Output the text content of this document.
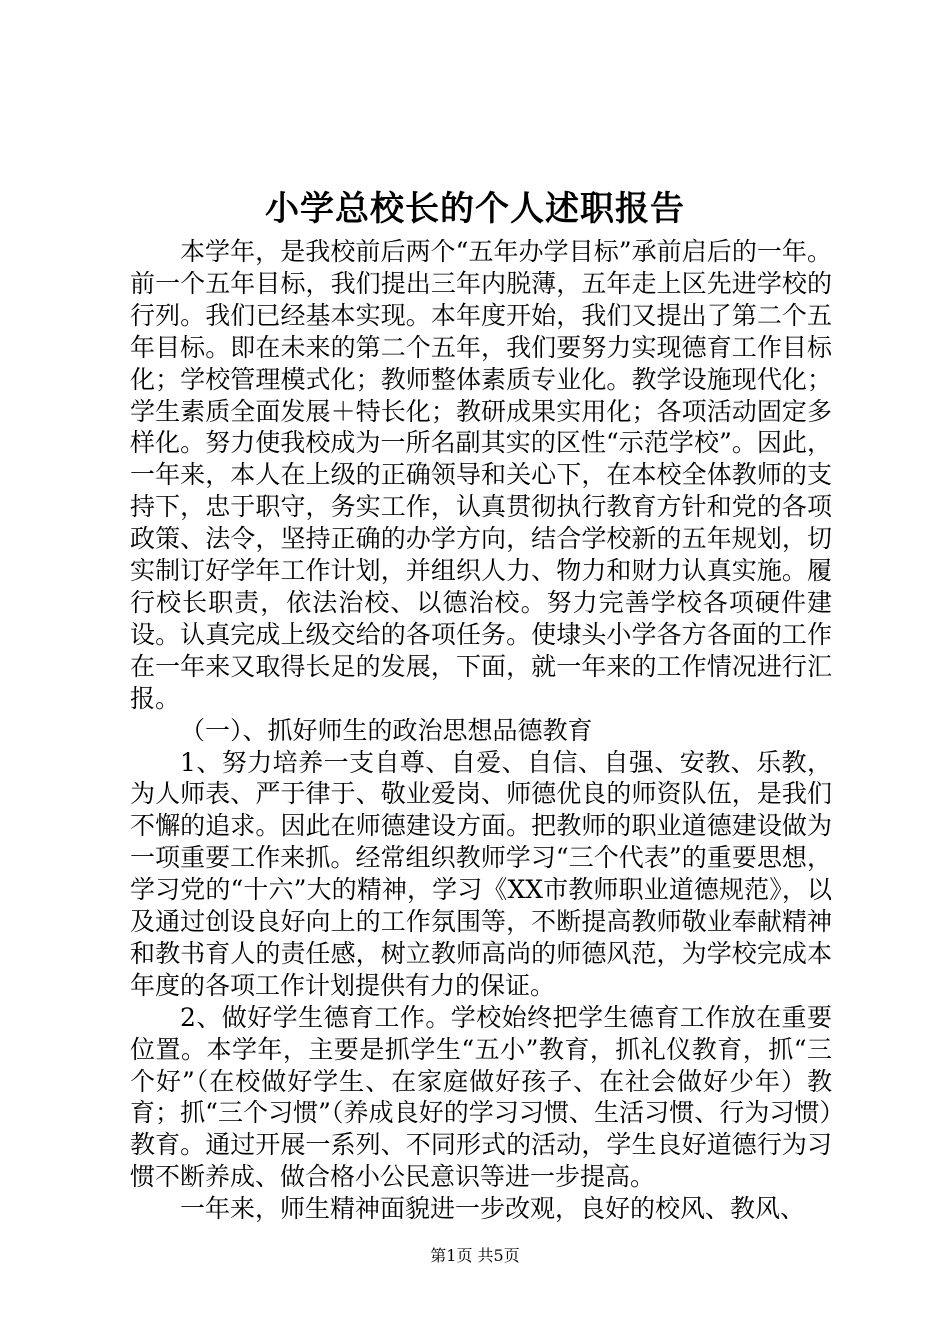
小学总校长的个人述职报告

本学年，是我校前后两个“五年办学目标”承前启后的一年。前一个五年目标，我们提出三年内脱薄，五年走上区先进学校的行列。我们已经基本实现。本年度开始，我们又提出了第二个五年目标。即在未来的第二个五年，我们要努力实现德育工作目标化；学校管理模式化；教师整体素质专业化。教学设施现代化；学生素质全面发展＋特长化；教研成果实用化；各项活动固定多样化。努力使我校成为一所名副其实的区性“示范学校”。因此，一年来，本人在上级的正确领导和关心下，在本校全体教师的支持下，忠于职守，务实工作，认真贯彻执行教育方针和党的各项政策、法令，坚持正确的办学方向，结合学校新的五年规划，切实制订好学年工作计划，并组织人力、物力和财力认真实施。履行校长职责，依法治校、以德治校。努力完善学校各项硬件建设。认真完成上级交给的各项任务。使埭头小学各方各面的工作在一年来又取得长足的发展，下面，就一年来的工作情况进行汇报。

（一）、抓好师生的政治思想品德教育

1、努力培养一支自尊、自爱、自信、自强、安教、乐教，为人师表、严于律于、敬业爱岗、师德优良的师资队伍，是我们不懈的追求。因此在师德建设方面。把教师的职业道德建设做为一项重要工作来抓。经常组织教师学习“三个代表”的重要思想，学习党的“十六”大的精神，学习《XX市教师职业道德规范》，以及通过创设良好向上的工作氛围等，不断提高教师敬业奉献精神和教书育人的责任感，树立教师高尚的师德风范，为学校完成本年度的各项工作计划提供有力的保证。

2、做好学生德育工作。学校始终把学生德育工作放在重要位置。本学年，主要是抓学生“五小”教育，抓礼仪教育，抓“三个好”（在校做好学生、在家庭做好孩子、在社会做好少年）教育；抓“三个习惯”（养成良好的学习习惯、生活习惯、行为习惯）教育。通过开展一系列、不同形式的活动，学生良好道德行为习惯不断养成、做合格小公民意识等进一步提高。

一年来，师生精神面貌进一步改观，良好的校风、教风、

第1页 共5页
